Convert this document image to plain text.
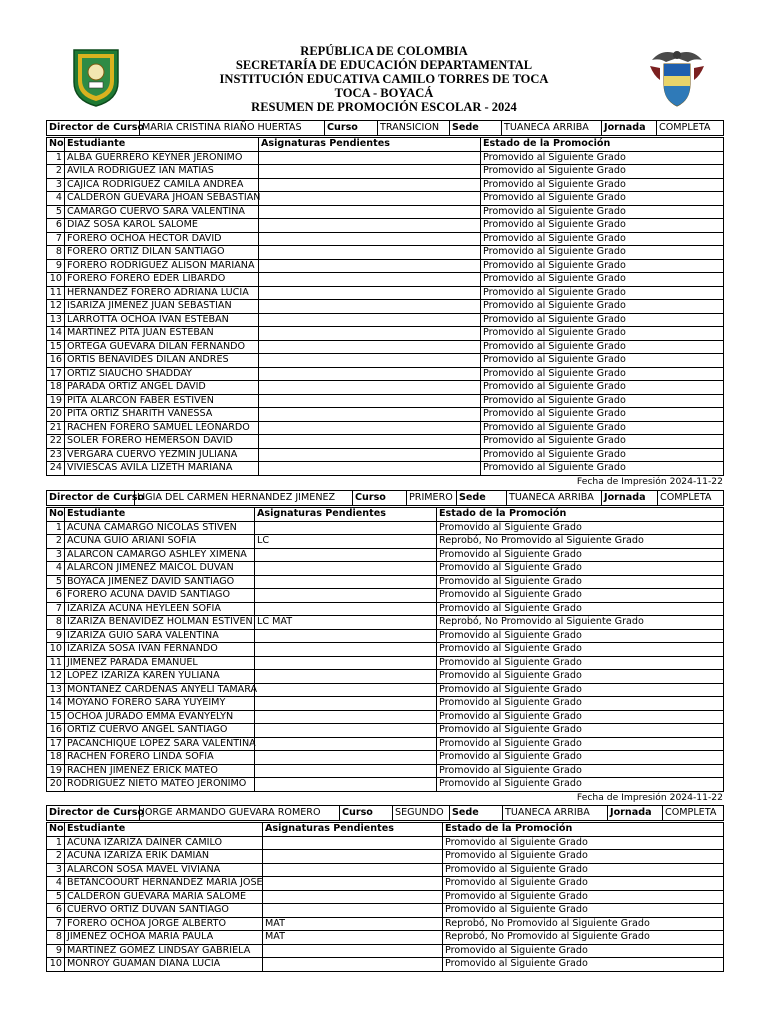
REPÚBLICA DE COLOMBIA
SECRETARÍA DE EDUCACIÓN DEPARTAMENTAL
INSTITUCIÓN EDUCATIVA CAMILO TORRES DE TOCA
TOCA - BOYACÁ
RESUMEN DE PROMOCIÓN ESCOLAR - 2024
Director de Curso	MARIA CRISTINA RIAÑO HUERTAS	Curso	TRANSICION	Sede	TUANECA ARRIBA	Jornada	COMPLETA
No	Estudiante	Asignaturas Pendientes	Estado de la Promoción
1	ALBA GUERRERO KEYNER JERONIMO		Promovido al Siguiente Grado
2	AVILA RODRIGUEZ IAN MATIAS		Promovido al Siguiente Grado
3	CAJICA RODRÍGUEZ CAMILA ANDREA		Promovido al Siguiente Grado
4	CALDERON GUEVARA JHOAN SEBASTIAN		Promovido al Siguiente Grado
5	CAMARGO CUERVO SARA VALENTINA		Promovido al Siguiente Grado
6	DIAZ SOSA KAROL SALOME		Promovido al Siguiente Grado
7	FORERO OCHOA HÉCTOR DAVID		Promovido al Siguiente Grado
8	FORERO ORTIZ DILAN SANTIAGO		Promovido al Siguiente Grado
9	FORERO RODRÍGUEZ ALISON MARIANA		Promovido al Siguiente Grado
10	FORERO FORERO EDER LIBARDO		Promovido al Siguiente Grado
11	HERNANDEZ FORERO ADRIANA LUCIA		Promovido al Siguiente Grado
12	ISARIZA JIMENEZ JUAN SEBASTIAN		Promovido al Siguiente Grado
13	LARROTTA OCHOA IVAN ESTEBAN		Promovido al Siguiente Grado
14	MARTINEZ PITA JUAN ESTEBAN		Promovido al Siguiente Grado
15	ORTEGA GUEVARA DILAN FERNANDO		Promovido al Siguiente Grado
16	ORTIS BENAVIDES DILAN ANDRES		Promovido al Siguiente Grado
17	ORTIZ SIAUCHO SHADDAY		Promovido al Siguiente Grado
18	PARADA ORTIZ ANGEL DAVID		Promovido al Siguiente Grado
19	PITA ALARCON FABER ESTIVEN		Promovido al Siguiente Grado
20	PITA ORTIZ SHARITH VANESSA		Promovido al Siguiente Grado
21	RACHEN FORERO SAMUEL LEONARDO		Promovido al Siguiente Grado
22	SOLER FORERO HEMERSON DAVID		Promovido al Siguiente Grado
23	VERGARA CUERVO YEZMIN JULIANA		Promovido al Siguiente Grado
24	VIVIESCAS AVILA LIZETH MARIANA		Promovido al Siguiente Grado
Fecha de Impresión 2024-11-22
Director de Curso	LIGIA DEL CARMEN HERNANDEZ JIMENEZ	Curso	PRIMERO	Sede	TUANECA ARRIBA	Jornada	COMPLETA
No	Estudiante	Asignaturas Pendientes	Estado de la Promoción
1	ACUÑA CAMARGO NICOLAS STIVEN		Promovido al Siguiente Grado
2	ACUÑA GUIO ARIANI SOFIA	LC	Reprobó, No Promovido al Siguiente Grado
3	ALARCON CAMARGO ASHLEY XIMENA		Promovido al Siguiente Grado
4	ALARCON JIMENEZ MAICOL DUVAN		Promovido al Siguiente Grado
5	BOYACA JIMENEZ DAVID SANTIAGO		Promovido al Siguiente Grado
6	FORERO ACUÑA DAVID SANTIAGO		Promovido al Siguiente Grado
7	IZARIZA ACUÑA HEYLEEN SOFIA		Promovido al Siguiente Grado
8	IZARIZA BENAVIDEZ HOLMAN ESTIVEN	LC MAT	Reprobó, No Promovido al Siguiente Grado
9	IZARIZA GUIO SARA VALENTINA		Promovido al Siguiente Grado
10	IZARIZA SOSA IVAN FERNANDO		Promovido al Siguiente Grado
11	JIMENEZ PARADA EMANUEL		Promovido al Siguiente Grado
12	LÓPEZ IZARIZA KAREN YULIANA		Promovido al Siguiente Grado
13	MONTAÑEZ CARDENAS ANYELI TAMARA		Promovido al Siguiente Grado
14	MOYANO FORERO SARA YUYEIMY		Promovido al Siguiente Grado
15	OCHOA JURADO EMMA EVANYELYN		Promovido al Siguiente Grado
16	ORTIZ CUERVO ANGEL SANTIAGO		Promovido al Siguiente Grado
17	PACANCHIQUE LÓPEZ SARA VALENTINA		Promovido al Siguiente Grado
18	RACHEN FORERO LINDA SOFIA		Promovido al Siguiente Grado
19	RACHEN JIMENEZ ERICK MATEO		Promovido al Siguiente Grado
20	RODRIGUEZ NIETO MATEO JERONIMO		Promovido al Siguiente Grado
Fecha de Impresión 2024-11-22
Director de Curso	JORGE ARMANDO GUEVARA ROMERO	Curso	SEGUNDO	Sede	TUANECA ARRIBA	Jornada	COMPLETA
No	Estudiante	Asignaturas Pendientes	Estado de la Promoción
1	ACUÑA IZARIZA DAINER CAMILO		Promovido al Siguiente Grado
2	ACUÑA IZARIZA ERIK DAMIAN		Promovido al Siguiente Grado
3	ALARCON SOSA MAVEL VIVIANA		Promovido al Siguiente Grado
4	BETANCOOURT HERNANDEZ MARIA JOSE		Promovido al Siguiente Grado
5	CALDERON GUEVARA MARIA SALOME		Promovido al Siguiente Grado
6	CUERVO ORTIZ DUVAN SANTIAGO		Promovido al Siguiente Grado
7	FORERO OCHOA JORGE ALBERTO	MAT	Reprobó, No Promovido al Siguiente Grado
8	JIMENEZ OCHOA MARIA PAULA	MAT	Reprobó, No Promovido al Siguiente Grado
9	MARTINEZ GÓMEZ LINDSAY GABRIELA		Promovido al Siguiente Grado
10	MONROY GUAMAN DIANA LUCIA		Promovido al Siguiente Grado
